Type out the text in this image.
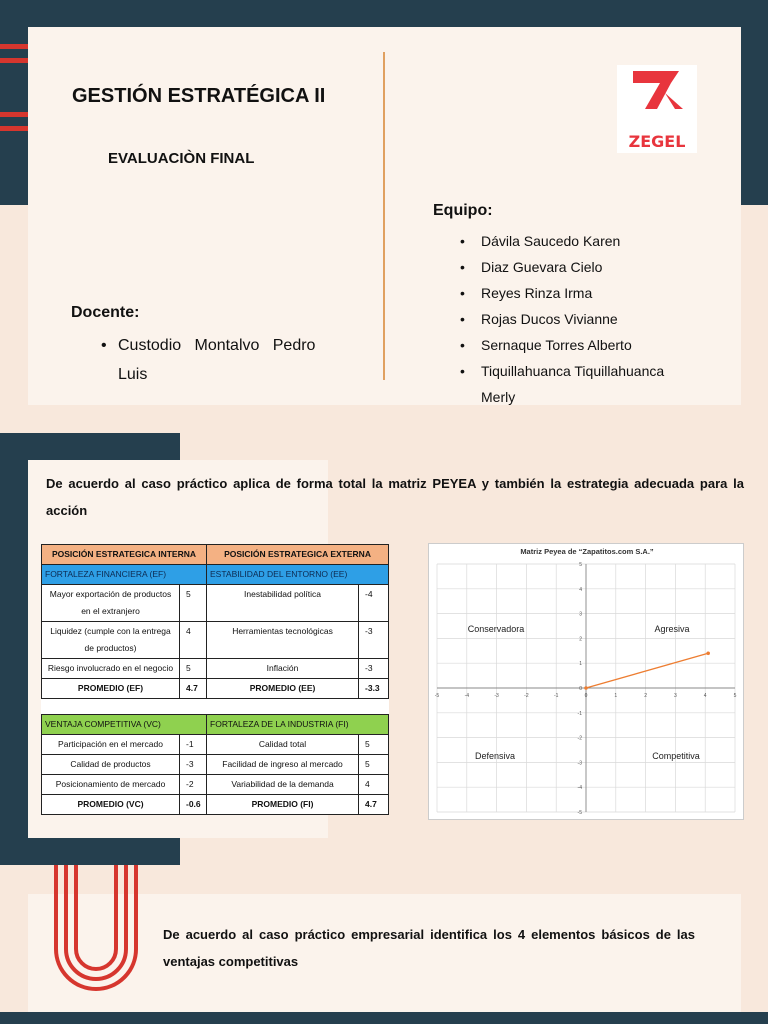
GESTIÓN ESTRATÉGICA II
EVALUACIÒN FINAL
ZEGEL
Docente:
• Custodio   Montalvo   Pedro
Luis
Equipo:
• Dávila Saucedo Karen
• Diaz Guevara Cielo
• Reyes Rinza Irma
• Rojas Ducos Vivianne
• Sernaque Torres Alberto
• Tiquillahuanca Tiquillahuanca
Merly
De acuerdo al caso práctico aplica de forma total la matriz PEYEA y también la estrategia adecuada para la acción
POSICIÓN ESTRATEGICA INTERNA		POSICIÓN ESTRATEGICA EXTERNA	
FORTALEZA FINANCIERA (EF)		ESTABILIDAD DEL ENTORNO (EE)	
Mayor exportación de productos en el extranjero	5	Inestabilidad política	-4
Liquidez (cumple con la entrega de productos)	4	Herramientas tecnológicas	-3
Riesgo involucrado en el negocio	5	Inflación	-3
PROMEDIO (EF)	4.7	PROMEDIO (EE)	-3.3

VENTAJA COMPETITIVA (VC)		FORTALEZA DE LA INDUSTRIA (FI)	
Participación en el mercado	-1	Calidad total	5
Calidad de productos	-3	Facilidad de ingreso al mercado	5
Posicionamiento de mercado	-2	Variabilidad de la demanda	4
PROMEDIO (VC)	-0.6	PROMEDIO (FI)	4.7
Matriz Peyea de “Zapatitos.com S.A.”
-5	-4	-3	-2	-1	0	1	2	3	4	5
-5
-4
-3
-2
-1
0
1
2
3
4
5
Conservadora	Agresiva
Defensiva	Competitiva
De acuerdo al caso práctico empresarial identifica los 4 elementos básicos de las ventajas competitivas
